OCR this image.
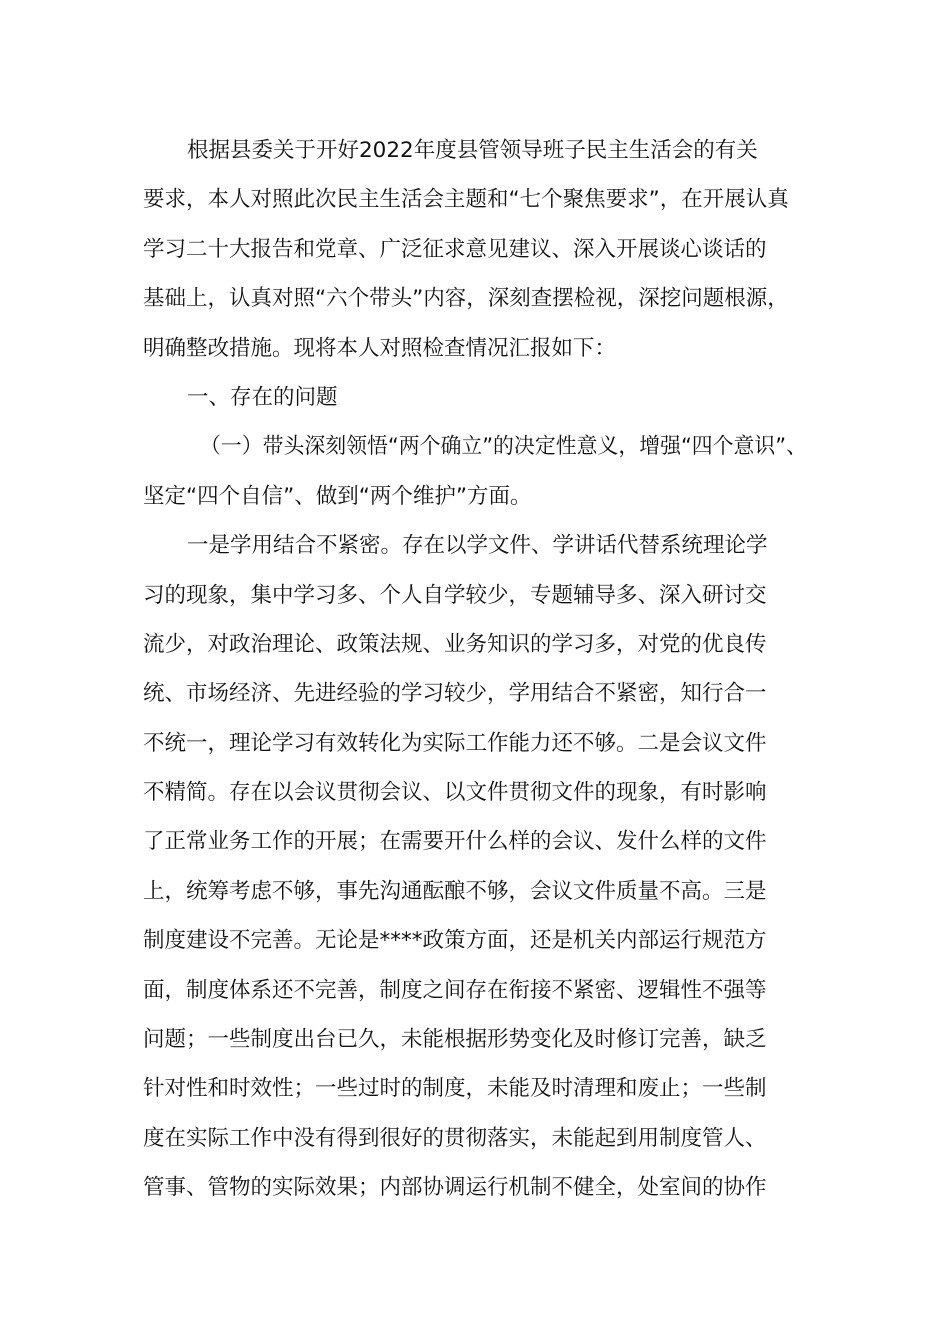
根据县委关于开好2022年度县管领导班子民主生活会的有关
要求，本人对照此次民主生活会主题和“七个聚焦要求”，在开展认真
学习二十大报告和党章、广泛征求意见建议、深入开展谈心谈话的
基础上，认真对照“六个带头”内容，深刻查摆检视，深挖问题根源，
明确整改措施。现将本人对照检查情况汇报如下：
一、存在的问题
（一）带头深刻领悟“两个确立”的决定性意义，增强“四个意识”、
坚定“四个自信”、做到“两个维护”方面。
一是学用结合不紧密。存在以学文件、学讲话代替系统理论学
习的现象，集中学习多、个人自学较少，专题辅导多、深入研讨交
流少，对政治理论、政策法规、业务知识的学习多，对党的优良传
统、市场经济、先进经验的学习较少，学用结合不紧密，知行合一
不统一，理论学习有效转化为实际工作能力还不够。二是会议文件
不精简。存在以会议贯彻会议、以文件贯彻文件的现象，有时影响
了正常业务工作的开展；在需要开什么样的会议、发什么样的文件
上，统筹考虑不够，事先沟通酝酿不够，会议文件质量不高。三是
制度建设不完善。无论是****政策方面，还是机关内部运行规范方
面，制度体系还不完善，制度之间存在衔接不紧密、逻辑性不强等
问题；一些制度出台已久，未能根据形势变化及时修订完善，缺乏
针对性和时效性；一些过时的制度，未能及时清理和废止；一些制
度在实际工作中没有得到很好的贯彻落实，未能起到用制度管人、
管事、管物的实际效果；内部协调运行机制不健全，处室间的协作
